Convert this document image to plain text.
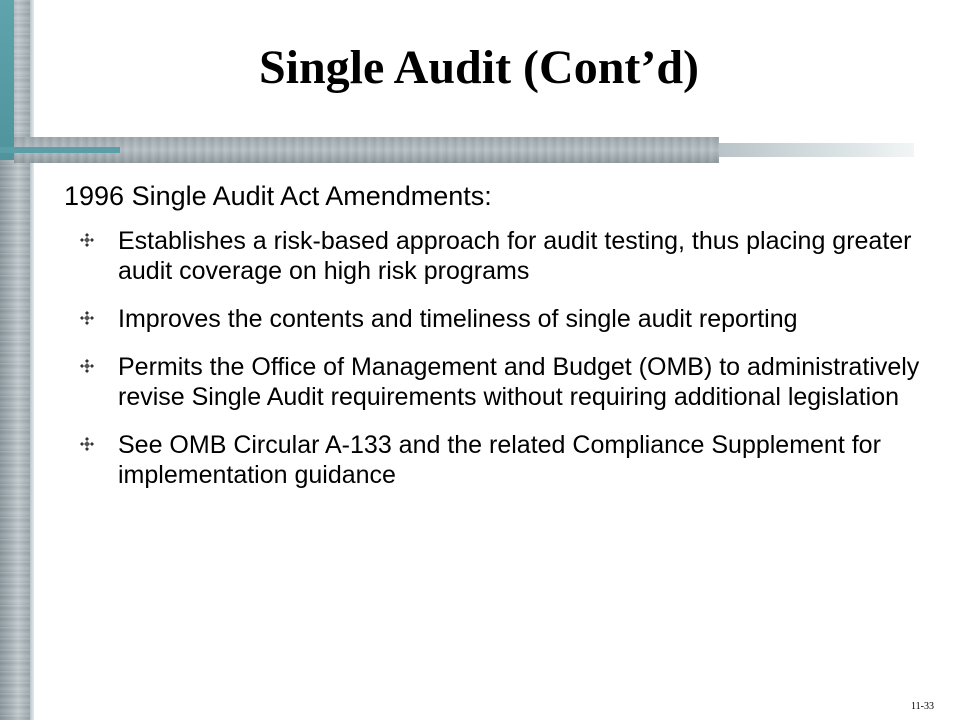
Single Audit (Cont’d)

1996 Single Audit Act Amendments:

Establishes a risk-based approach for audit testing, thus placing greater audit coverage on high risk programs
Improves the contents and timeliness of single audit reporting
Permits the Office of Management and Budget (OMB) to administratively revise Single Audit requirements without requiring additional legislation
See OMB Circular A-133 and the related Compliance Supplement for implementation guidance
11-33
